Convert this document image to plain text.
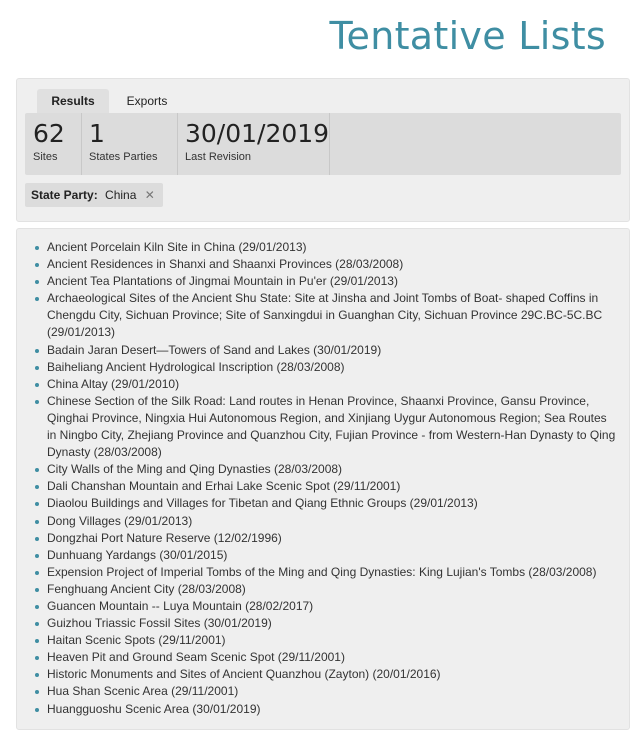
Tentative Lists
Results	Exports
62
Sites
1
States Parties
30/01/2019
Last Revision
State Party: China ✕
Ancient Porcelain Kiln Site in China (29/01/2013)
Ancient Residences in Shanxi and Shaanxi Provinces (28/03/2008)
Ancient Tea Plantations of Jingmai Mountain in Pu'er (29/01/2013)
Archaeological Sites of the Ancient Shu State: Site at Jinsha and Joint Tombs of Boat- shaped Coffins in Chengdu City, Sichuan Province; Site of Sanxingdui in Guanghan City, Sichuan Province 29C.BC-5C.BC (29/01/2013)
Badain Jaran Desert—Towers of Sand and Lakes (30/01/2019)
Baiheliang Ancient Hydrological Inscription (28/03/2008)
China Altay (29/01/2010)
Chinese Section of the Silk Road: Land routes in Henan Province, Shaanxi Province, Gansu Province, Qinghai Province, Ningxia Hui Autonomous Region, and Xinjiang Uygur Autonomous Region; Sea Routes in Ningbo City, Zhejiang Province and Quanzhou City, Fujian Province - from Western-Han Dynasty to Qing Dynasty (28/03/2008)
City Walls of the Ming and Qing Dynasties (28/03/2008)
Dali Chanshan Mountain and Erhai Lake Scenic Spot (29/11/2001)
Diaolou Buildings and Villages for Tibetan and Qiang Ethnic Groups (29/01/2013)
Dong Villages (29/01/2013)
Dongzhai Port Nature Reserve (12/02/1996)
Dunhuang Yardangs (30/01/2015)
Expension Project of Imperial Tombs of the Ming and Qing Dynasties: King Lujian's Tombs (28/03/2008)
Fenghuang Ancient City (28/03/2008)
Guancen Mountain -- Luya Mountain (28/02/2017)
Guizhou Triassic Fossil Sites (30/01/2019)
Haitan Scenic Spots (29/11/2001)
Heaven Pit and Ground Seam Scenic Spot (29/11/2001)
Historic Monuments and Sites of Ancient Quanzhou (Zayton) (20/01/2016)
Hua Shan Scenic Area (29/11/2001)
Huangguoshu Scenic Area (30/01/2019)
